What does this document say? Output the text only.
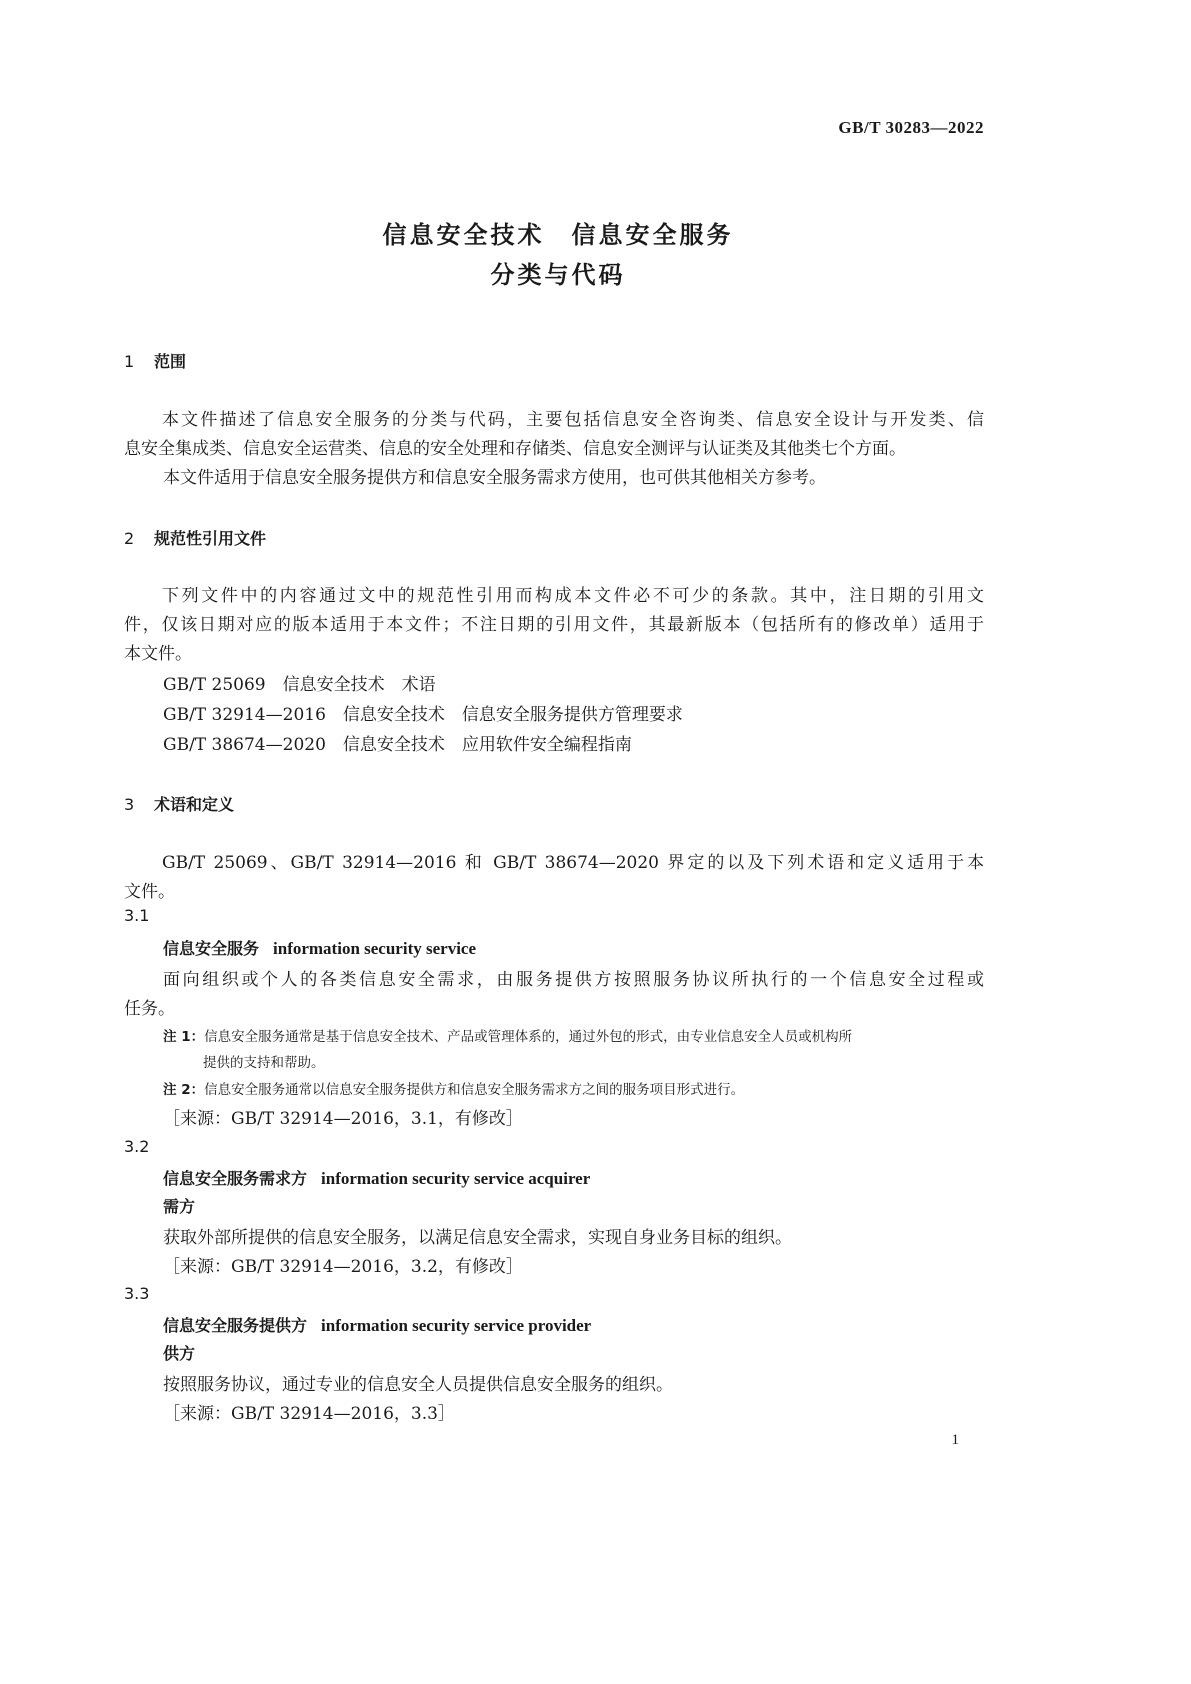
GB/T 30283—2022
信息安全技术　信息安全服务
分类与代码
1 范围
本文件描述了信息安全服务的分类与代码，主要包括信息安全咨询类、信息安全设计与开发类、信
息安全集成类、信息安全运营类、信息的安全处理和存储类、信息安全测评与认证类及其他类七个方面。
本文件适用于信息安全服务提供方和信息安全服务需求方使用，也可供其他相关方参考。
2 规范性引用文件
下列文件中的内容通过文中的规范性引用而构成本文件必不可少的条款。其中，注日期的引用文
件，仅该日期对应的版本适用于本文件；不注日期的引用文件，其最新版本（包括所有的修改单）适用于
本文件。
GB/T 25069　信息安全技术　术语
GB/T 32914—2016　信息安全技术　信息安全服务提供方管理要求
GB/T 38674—2020　信息安全技术　应用软件安全编程指南
3 术语和定义
GB/T 25069、GB/T 32914—2016 和 GB/T 38674—2020 界定的以及下列术语和定义适用于本
文件。
3.1
信息安全服务 information security service
面向组织或个人的各类信息安全需求，由服务提供方按照服务协议所执行的一个信息安全过程或
任务。
注 1：信息安全服务通常是基于信息安全技术、产品或管理体系的，通过外包的形式，由专业信息安全人员或机构所
提供的支持和帮助。
注 2：信息安全服务通常以信息安全服务提供方和信息安全服务需求方之间的服务项目形式进行。
［来源：GB/T 32914—2016，3.1，有修改］
3.2
信息安全服务需求方 information security service acquirer
需方
获取外部所提供的信息安全服务，以满足信息安全需求，实现自身业务目标的组织。
［来源：GB/T 32914—2016，3.2，有修改］
3.3
信息安全服务提供方 information security service provider
供方
按照服务协议，通过专业的信息安全人员提供信息安全服务的组织。
［来源：GB/T 32914—2016，3.3］
1
